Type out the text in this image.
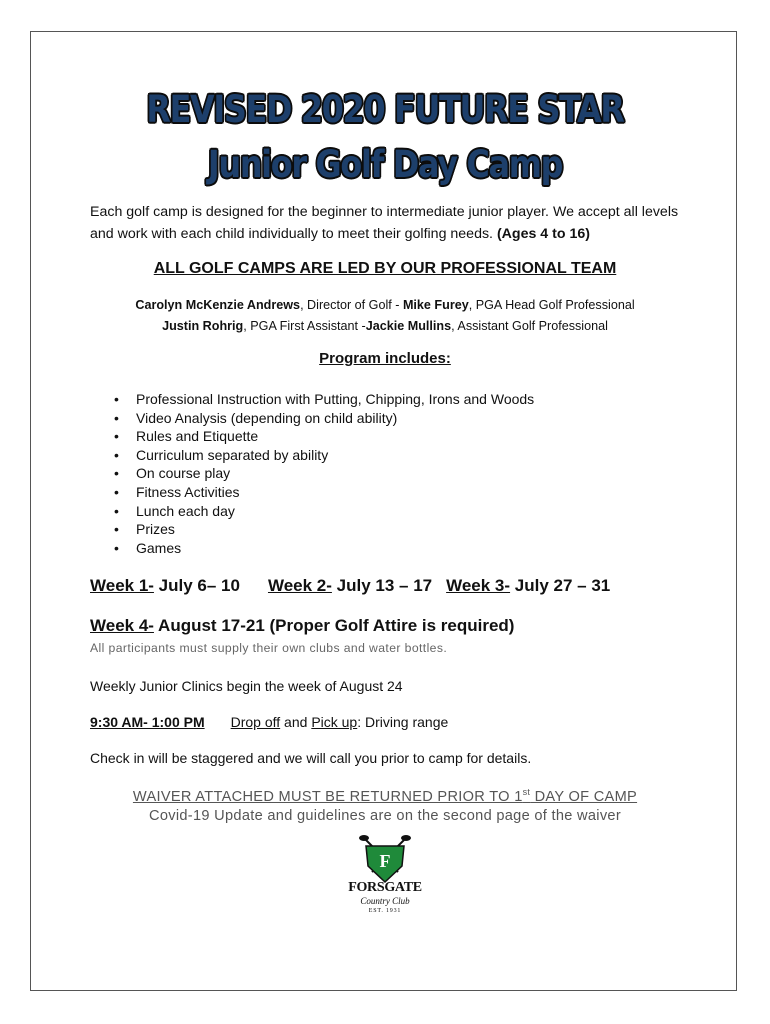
REVISED 2020 FUTURE STAR
Junior Golf Day Camp
Each golf camp is designed for the beginner to intermediate junior player. We accept all levels and work with each child individually to meet their golfing needs. (Ages 4 to 16)
ALL GOLF CAMPS ARE LED BY OUR PROFESSIONAL TEAM
Carolyn McKenzie Andrews, Director of Golf - Mike Furey, PGA Head Golf Professional
Justin Rohrig, PGA First Assistant -Jackie Mullins, Assistant Golf Professional
Program includes:
• Professional Instruction with Putting, Chipping, Irons and Woods
• Video Analysis (depending on child ability)
• Rules and Etiquette
• Curriculum separated by ability
• On course play
• Fitness Activities
• Lunch each day
• Prizes
• Games
Week 1- July 6– 10 Week 2- July 13 – 17 Week 3- July 27 – 31
Week 4- August 17-21 (Proper Golf Attire is required)
All participants must supply their own clubs and water bottles.
Weekly Junior Clinics begin the week of August 24
9:30 AM- 1:00 PM Drop off and Pick up: Driving range
Check in will be staggered and we will call you prior to camp for details.
WAIVER ATTACHED MUST BE RETURNED PRIOR TO 1st DAY OF CAMP
Covid-19 Update and guidelines are on the second page of the waiver
F
FORSGATE
Country Club
EST. 1931
